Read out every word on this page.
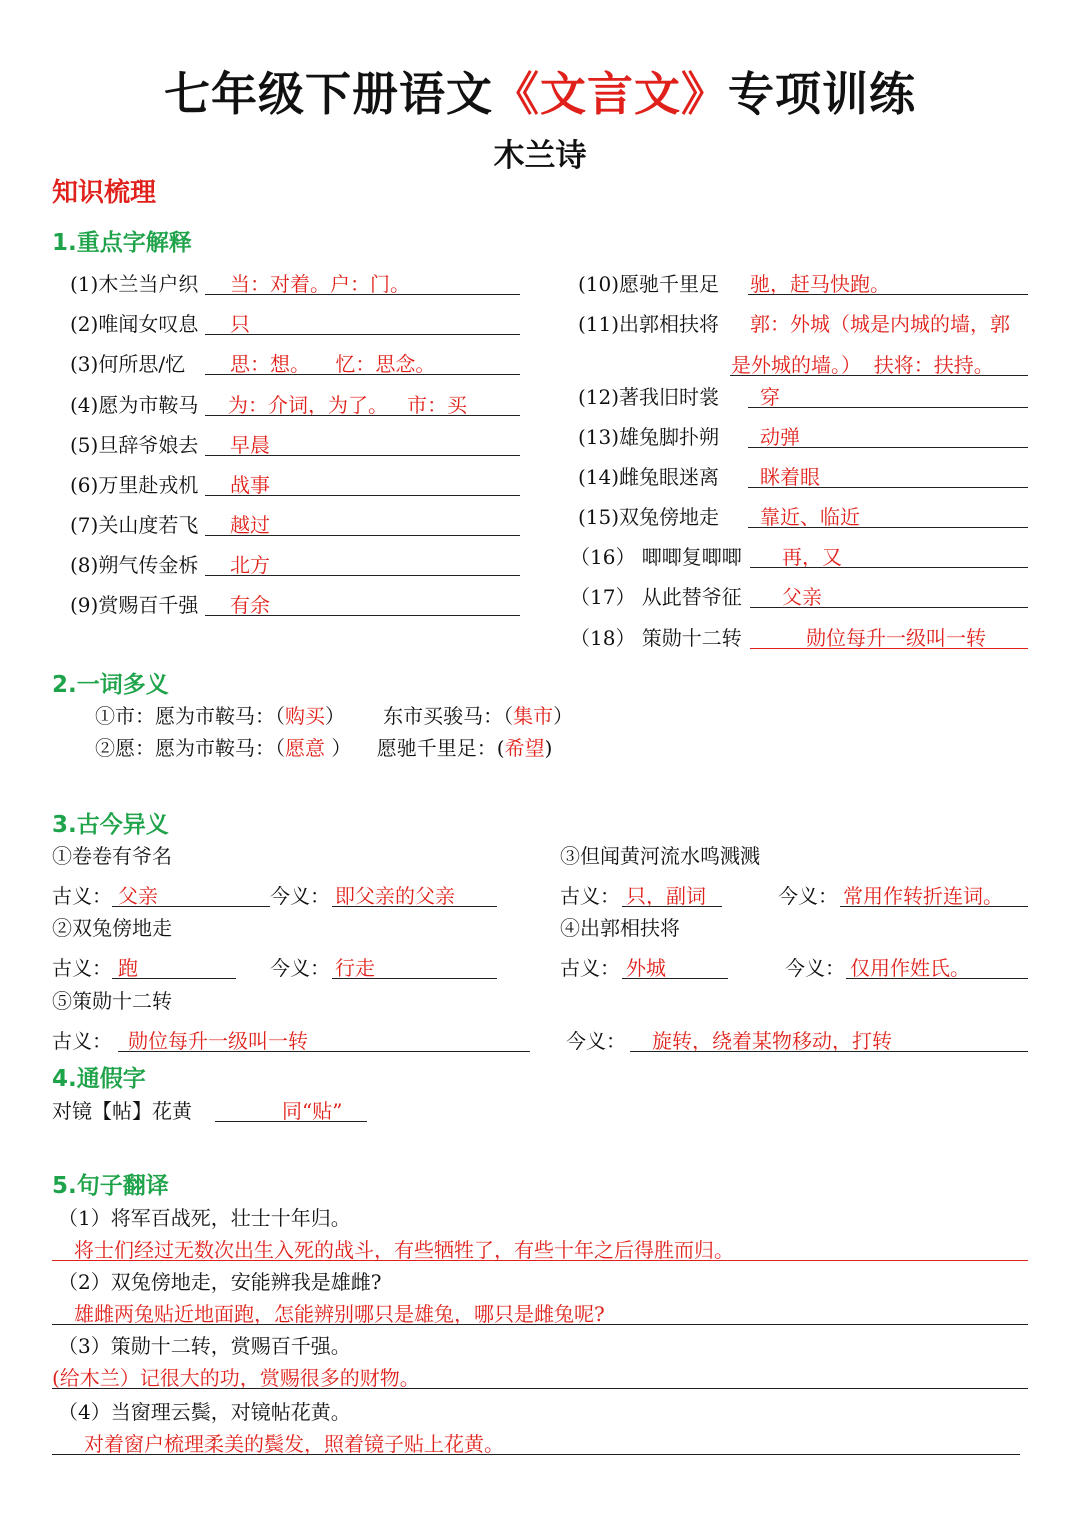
七年级下册语文《文言文》专项训练
木兰诗
知识梳理
1.重点字解释
(1)木兰当户织 当：对着。户：门。
(2)唯闻女叹息 只
(3)何所思/忆 思：想。    忆：思念。
(4)愿为市鞍马 为：介词，为了。   市：买
(5)旦辞爷娘去 早晨
(6)万里赴戎机 战事
(7)关山度若飞 越过
(8)朔气传金柝 北方
(9)赏赐百千强 有余
(10)愿驰千里足 驰，赶马快跑。
(11)出郭相扶将 郭：外城（城是内城的墙，郭
是外城的墙。）  扶将：扶持。
(12)著我旧时裳 穿
(13)雄兔脚扑朔 动弹
(14)雌兔眼迷离 眯着眼
(15)双兔傍地走 靠近、临近
（16） 唧唧复唧唧 再，又
（17） 从此替爷征 父亲
（18） 策勋十二转	勋位每升一级叫一转
2.一词多义
①市：愿为市鞍马：（购买）      东市买骏马：（集市）
②愿：愿为市鞍马：（愿意 ）    愿驰千里足：(希望)
3.古今异义
①卷卷有爷名
古义： 父亲	今义： 即父亲的父亲
③但闻黄河流水鸣溅溅
古义： 只，副词	今义： 常用作转折连词。
②双兔傍地走
古义： 跑	今义： 行走
④出郭相扶将
古义： 外城	今义： 仅用作姓氏。
⑤策勋十二转
古义： 勋位每升一级叫一转	今义： 旋转，绕着某物移动，打转
4.通假字
对镜【帖】花黄	同“贴”
5.句子翻译
（1）将军百战死，壮士十年归。
将士们经过无数次出生入死的战斗，有些牺牲了，有些十年之后得胜而归。
（2）双兔傍地走，安能辨我是雄雌?
雄雌两兔贴近地面跑，怎能辨别哪只是雄兔，哪只是雌兔呢?
（3）策勋十二转，赏赐百千强。
(给木兰）记很大的功，赏赐很多的财物。
（4）当窗理云鬓，对镜帖花黄。
对着窗户梳理柔美的鬓发，照着镜子贴上花黄。
